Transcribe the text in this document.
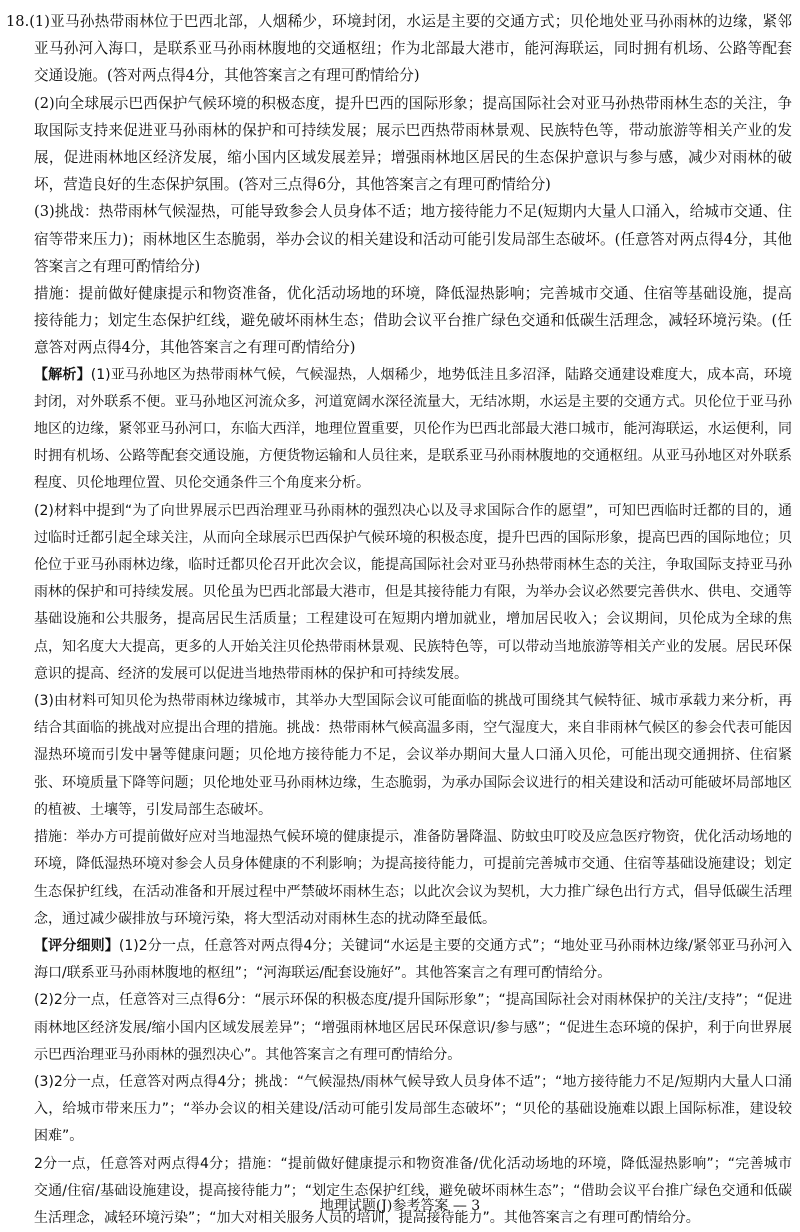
18.(1)亚马孙热带雨林位于巴西北部，人烟稀少，环境封闭，水运是主要的交通方式；贝伦地处亚马孙雨林的边缘，紧邻亚马孙河入海口，是联系亚马孙雨林腹地的交通枢纽；作为北部最大港市，能河海联运，同时拥有机场、公路等配套交通设施。(答对两点得4分，其他答案言之有理可酌情给分)

(2)向全球展示巴西保护气候环境的积极态度，提升巴西的国际形象；提高国际社会对亚马孙热带雨林生态的关注，争取国际支持来促进亚马孙雨林的保护和可持续发展；展示巴西热带雨林景观、民族特色等，带动旅游等相关产业的发展，促进雨林地区经济发展，缩小国内区域发展差异；增强雨林地区居民的生态保护意识与参与感，减少对雨林的破坏，营造良好的生态保护氛围。(答对三点得6分，其他答案言之有理可酌情给分)

(3)挑战：热带雨林气候湿热，可能导致参会人员身体不适；地方接待能力不足(短期内大量人口涌入，给城市交通、住宿等带来压力)；雨林地区生态脆弱，举办会议的相关建设和活动可能引发局部生态破坏。(任意答对两点得4分，其他答案言之有理可酌情给分)

措施：提前做好健康提示和物资准备，优化活动场地的环境，降低湿热影响；完善城市交通、住宿等基础设施，提高接待能力；划定生态保护红线，避免破坏雨林生态；借助会议平台推广绿色交通和低碳生活理念，减轻环境污染。(任意答对两点得4分，其他答案言之有理可酌情给分)

【解析】(1)亚马孙地区为热带雨林气候，气候湿热，人烟稀少，地势低洼且多沼泽，陆路交通建设难度大，成本高，环境封闭，对外联系不便。亚马孙地区河流众多，河道宽阔水深径流量大，无结冰期，水运是主要的交通方式。贝伦位于亚马孙地区的边缘，紧邻亚马孙河口，东临大西洋，地理位置重要，贝伦作为巴西北部最大港口城市，能河海联运，水运便利，同时拥有机场、公路等配套交通设施，方便货物运输和人员往来，是联系亚马孙雨林腹地的交通枢纽。从亚马孙地区对外联系程度、贝伦地理位置、贝伦交通条件三个角度来分析。

(2)材料中提到“为了向世界展示巴西治理亚马孙雨林的强烈决心以及寻求国际合作的愿望”，可知巴西临时迁都的目的，通过临时迁都引起全球关注，从而向全球展示巴西保护气候环境的积极态度，提升巴西的国际形象，提高巴西的国际地位；贝伦位于亚马孙雨林边缘，临时迁都贝伦召开此次会议，能提高国际社会对亚马孙热带雨林生态的关注，争取国际支持亚马孙雨林的保护和可持续发展。贝伦虽为巴西北部最大港市，但是其接待能力有限，为举办会议必然要完善供水、供电、交通等基础设施和公共服务，提高居民生活质量；工程建设可在短期内增加就业，增加居民收入；会议期间，贝伦成为全球的焦点，知名度大大提高，更多的人开始关注贝伦热带雨林景观、民族特色等，可以带动当地旅游等相关产业的发展。居民环保意识的提高、经济的发展可以促进当地热带雨林的保护和可持续发展。

(3)由材料可知贝伦为热带雨林边缘城市，其举办大型国际会议可能面临的挑战可围绕其气候特征、城市承载力来分析，再结合其面临的挑战对应提出合理的措施。挑战：热带雨林气候高温多雨，空气湿度大，来自非雨林气候区的参会代表可能因湿热环境而引发中暑等健康问题；贝伦地方接待能力不足，会议举办期间大量人口涌入贝伦，可能出现交通拥挤、住宿紧张、环境质量下降等问题；贝伦地处亚马孙雨林边缘，生态脆弱，为承办国际会议进行的相关建设和活动可能破坏局部地区的植被、土壤等，引发局部生态破坏。

措施：举办方可提前做好应对当地湿热气候环境的健康提示，准备防暑降温、防蚊虫叮咬及应急医疗物资，优化活动场地的环境，降低湿热环境对参会人员身体健康的不利影响；为提高接待能力，可提前完善城市交通、住宿等基础设施建设；划定生态保护红线，在活动准备和开展过程中严禁破坏雨林生态；以此次会议为契机，大力推广绿色出行方式，倡导低碳生活理念，通过减少碳排放与环境污染，将大型活动对雨林生态的扰动降至最低。

【评分细则】(1)2分一点，任意答对两点得4分；关键词“水运是主要的交通方式”；“地处亚马孙雨林边缘/紧邻亚马孙河入海口/联系亚马孙雨林腹地的枢纽”；“河海联运/配套设施好”。其他答案言之有理可酌情给分。

(2)2分一点，任意答对三点得6分：“展示环保的积极态度/提升国际形象”；“提高国际社会对雨林保护的关注/支持”；“促进雨林地区经济发展/缩小国内区域发展差异”；“增强雨林地区居民环保意识/参与感”；“促进生态环境的保护，利于向世界展示巴西治理亚马孙雨林的强烈决心”。其他答案言之有理可酌情给分。

(3)2分一点，任意答对两点得4分；挑战：“气候湿热/雨林气候导致人员身体不适”；“地方接待能力不足/短期内大量人口涌入，给城市带来压力”；“举办会议的相关建设/活动可能引发局部生态破坏”；“贝伦的基础设施难以跟上国际标准，建设较困难”。

2分一点，任意答对两点得4分；措施：“提前做好健康提示和物资准备/优化活动场地的环境，降低湿热影响”；“完善城市交通/住宿/基础设施建设，提高接待能力”；“划定生态保护红线，避免破坏雨林生态”；“借助会议平台推广绿色交通和低碳生活理念，减轻环境污染”；“加大对相关服务人员的培训，提高接待能力”。其他答案言之有理可酌情给分。

地理试题(J)参考答案 — 3
